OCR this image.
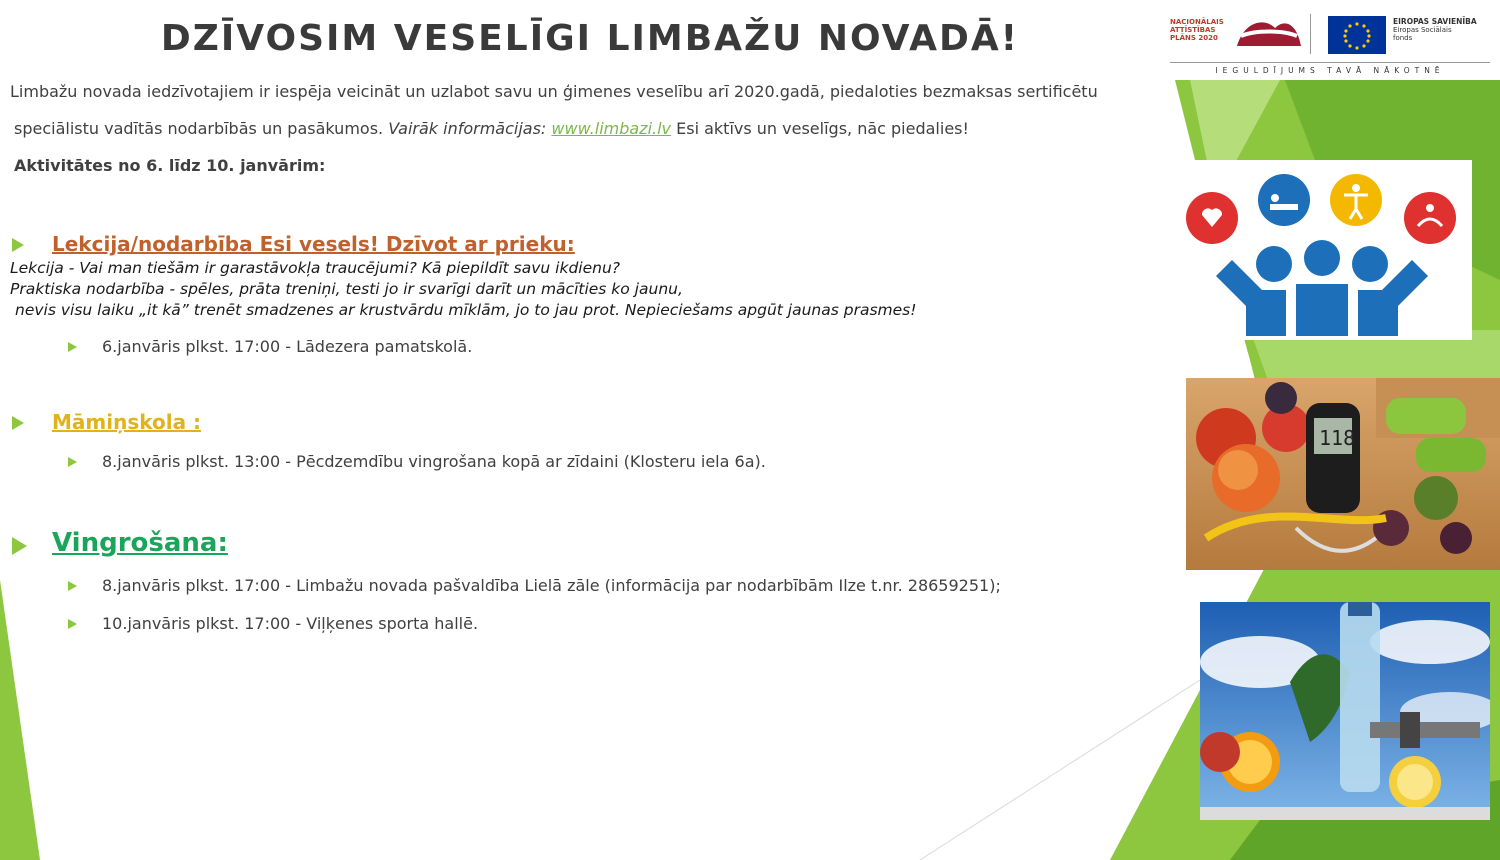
DZĪVOSIM VESELĪGI LIMBAŽU NOVADĀ!

Limbažu novada iedzīvotajiem ir iespēja veicināt un uzlabot savu un ģimenes veselību arī 2020.gadā, piedaloties bezmaksas sertificētu

speciālistu vadītās nodarbībās un pasākumos. Vairāk informācijas: www.limbazi.lv Esi aktīvs un veselīgs, nāc piedalies!

Aktivitātes no 6. līdz 10. janvārim:

Lekcija/nodarbība Esi vesels! Dzīvot ar prieku:
Lekcija - Vai man tiešām ir garastāvokļa traucējumi? Kā piepildīt savu ikdienu?
Praktiska nodarbība - spēles, prāta treniņi, testi jo ir svarīgi darīt un mācīties ko jaunu,
nevis visu laiku „it kā” trenēt smadzenes ar krustvārdu mīklām, jo to jau prot. Nepieciešams apgūt jaunas prasmes!
6.janvāris plkst. 17:00 - Lādezera pamatskolā.
Māmiņskola :
8.janvāris plkst. 13:00 - Pēcdzemdību vingrošana kopā ar zīdaini (Klosteru iela 6a).
Vingrošana:
8.janvāris plkst. 17:00 - Limbažu novada pašvaldība Lielā zāle (informācija par nodarbībām Ilze t.nr. 28659251);
10.janvāris plkst. 17:00 - Viļķenes sporta hallē.
NACIONĀLAIS ATTĪSTĪBAS PLĀNS 2020
EIROPAS SAVIENĪBA
Eiropas Sociālais fonds
IEGULDĪJUMS TAVĀ NĀKOTNĒ
118
